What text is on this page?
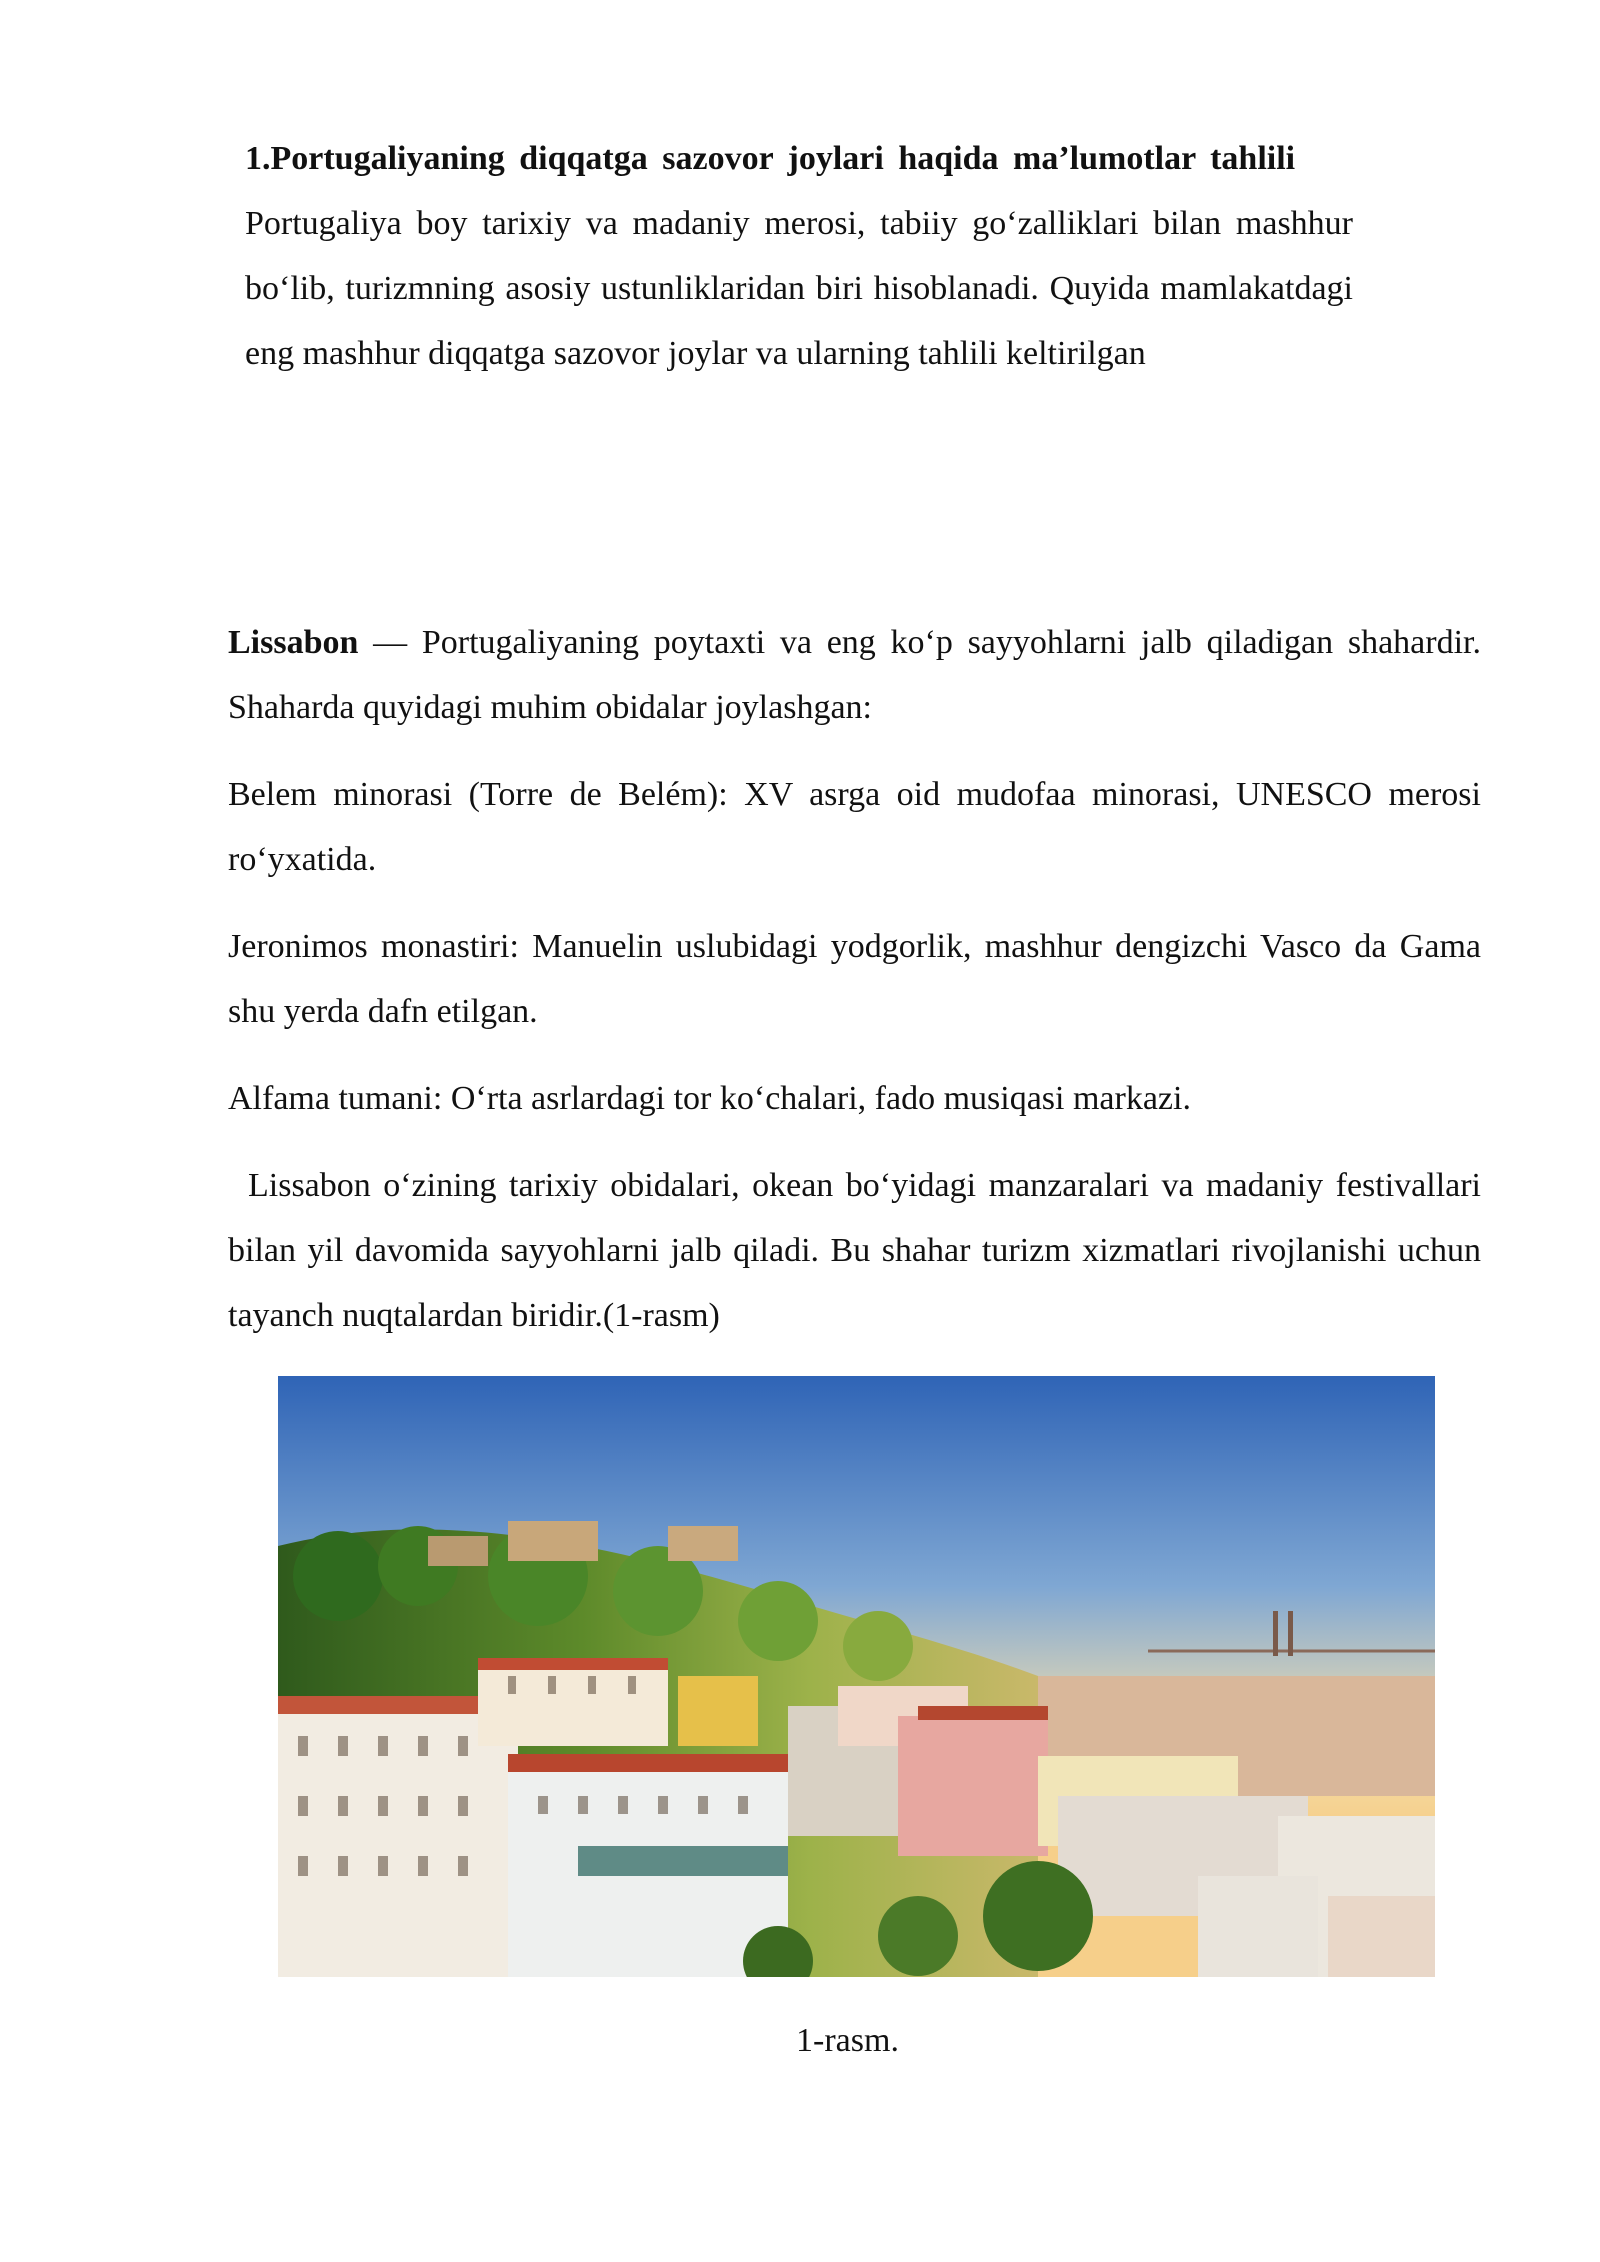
1.Portugaliyaning diqqatga sazovor joylari haqida ma’lumotlar tahlili

Portugaliya boy tarixiy va madaniy merosi, tabiiy go‘zalliklari bilan mashhur bo‘lib, turizmning asosiy ustunliklaridan biri hisoblanadi. Quyida mamlakatdagi eng mashhur diqqatga sazovor joylar va ularning tahlili keltirilgan

Lissabon — Portugaliyaning poytaxti va eng ko‘p sayyohlarni jalb qiladigan shahardir. Shaharda quyidagi muhim obidalar joylashgan:

Belem minorasi (Torre de Belém): XV asrga oid mudofaa minorasi, UNESCO merosi ro‘yxatida.

Jeronimos monastiri: Manuelin uslubidagi yodgorlik, mashhur dengizchi Vasco da Gama shu yerda dafn etilgan.

Alfama tumani: O‘rta asrlardagi tor ko‘chalari, fado musiqasi markazi.

Lissabon o‘zining tarixiy obidalari, okean bo‘yidagi manzaralari va madaniy festivallari bilan yil davomida sayyohlarni jalb qiladi. Bu shahar turizm xizmatlari rivojlanishi uchun tayanch nuqtalardan biridir.(1-rasm)

1-rasm.
